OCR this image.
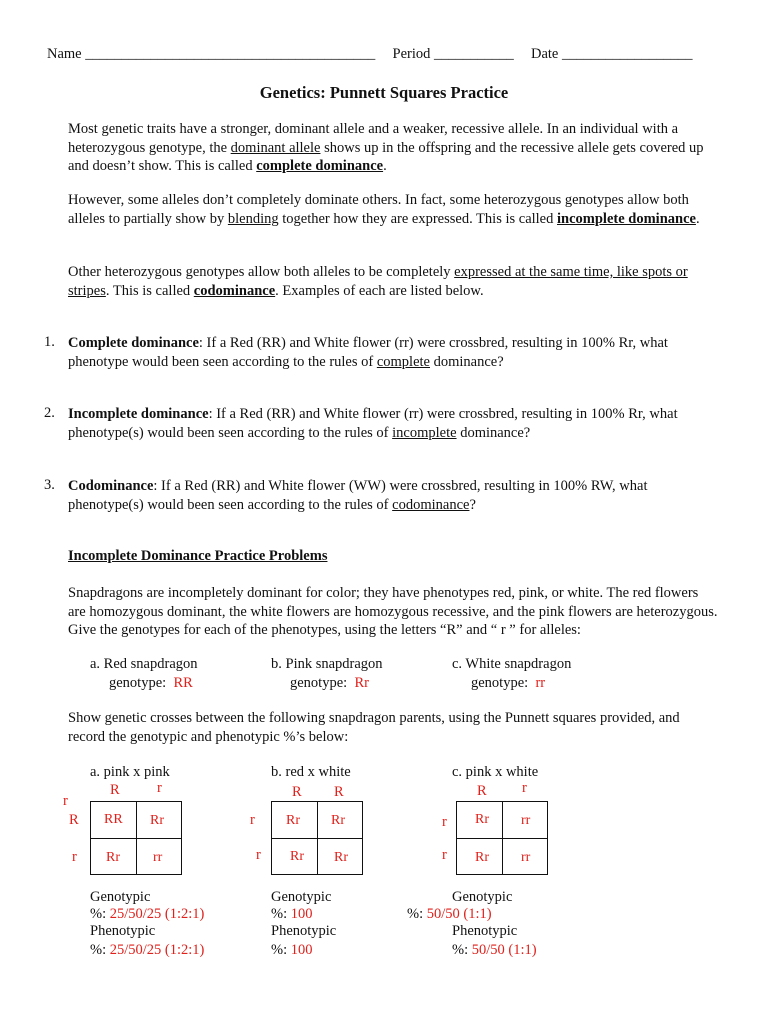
Name ________________________________________ Period ___________ Date __________________
Genetics: Punnett Squares Practice
Most genetic traits have a stronger, dominant allele and a weaker, recessive allele. In an individual with a heterozygous genotype, the dominant allele shows up in the offspring and the recessive allele gets covered up and doesn’t show. This is called complete dominance.
However, some alleles don’t completely dominate others. In fact, some heterozygous genotypes allow both alleles to partially show by blending together how they are expressed. This is called incomplete dominance.
Other heterozygous genotypes allow both alleles to be completely expressed at the same time, like spots or stripes. This is called codominance. Examples of each are listed below.
1. Complete dominance: If a Red (RR) and White flower (rr) were crossbred, resulting in 100% Rr, what phenotype would been seen according to the rules of complete dominance?
2. Incomplete dominance: If a Red (RR) and White flower (rr) were crossbred, resulting in 100% Rr, what phenotype(s) would been seen according to the rules of incomplete dominance?
3. Codominance: If a Red (RR) and White flower (WW) were crossbred, resulting in 100% RW, what phenotype(s) would been seen according to the rules of codominance?
Incomplete Dominance Practice Problems
Snapdragons are incompletely dominant for color; they have phenotypes red, pink, or white. The red flowers are homozygous dominant, the white flowers are homozygous recessive, and the pink flowers are heterozygous. Give the genotypes for each of the phenotypes, using the letters “R” and “ r ” for alleles:
a. Red snapdragon
genotype: RR
b. Pink snapdragon
genotype: Rr
c. White snapdragon
genotype: rr
Show genetic crosses between the following snapdragon parents, using the Punnett squares provided, and record the genotypic and phenotypic %’s below:
a. pink x pink
R	r
r
R
r
RR Rr
Rr rr
Genotypic
%: 25/50/25 (1:2:1)
Phenotypic
%: 25/50/25 (1:2:1)
b. red x white
R R
r
r
Rr Rr
Rr Rr
Genotypic
%: 100
Phenotypic
%: 100
c. pink x white
R r
r
r
Rr rr
Rr rr
Genotypic
%: 50/50 (1:1)
Phenotypic
%: 50/50 (1:1)
